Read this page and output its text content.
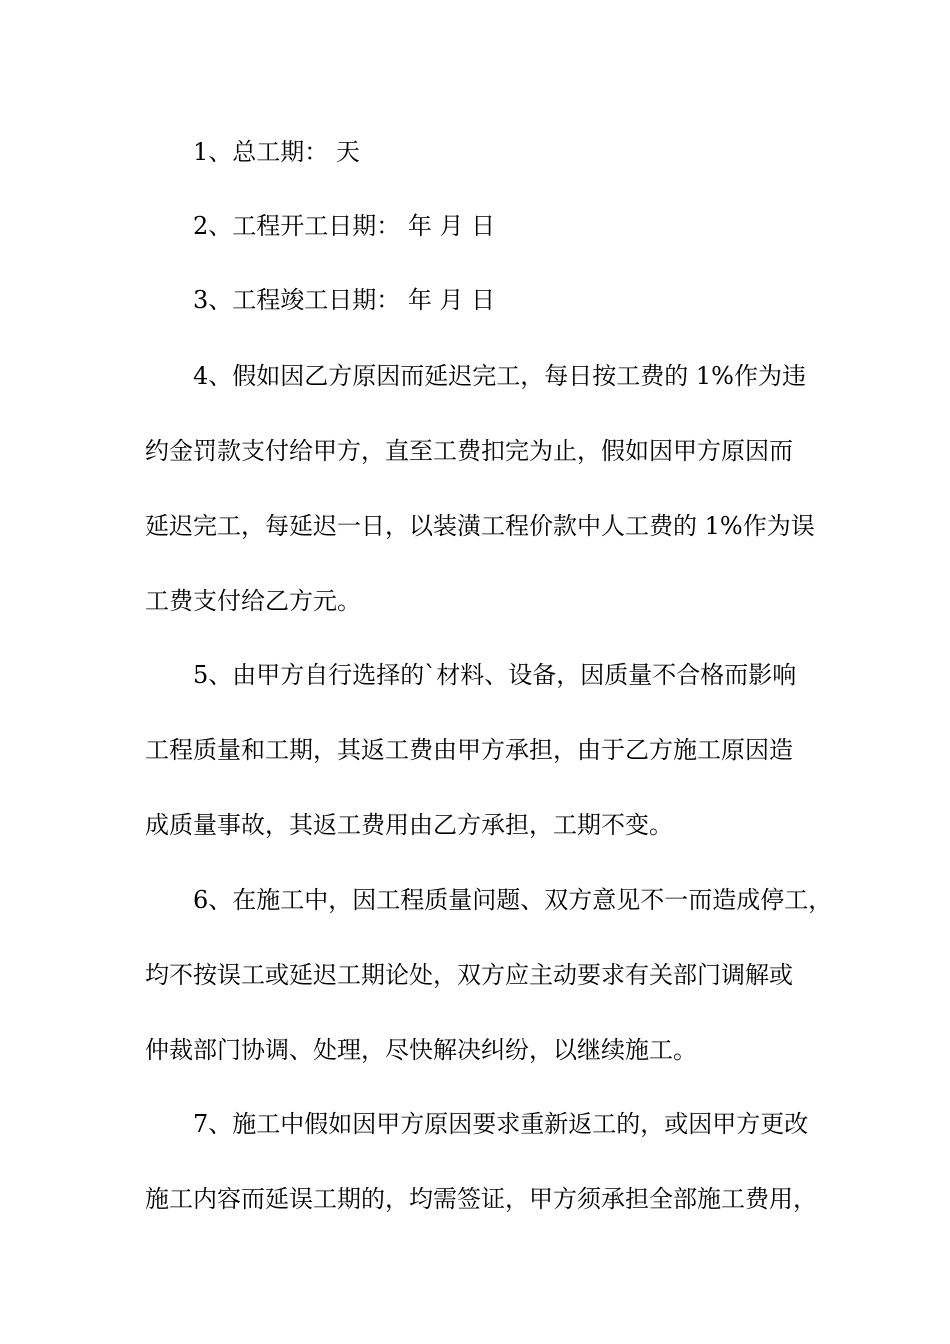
1、总工期： 天
2、工程开工日期： 年 月 日
3、工程竣工日期： 年 月 日
4、假如因乙方原因而延迟完工，每日按工费的 1%作为违
约金罚款支付给甲方，直至工费扣完为止，假如因甲方原因而
延迟完工，每延迟一日，以装潢工程价款中人工费的 1%作为误
工费支付给乙方元。
5、由甲方自行选择的`材料、设备，因质量不合格而影响
工程质量和工期，其返工费由甲方承担，由于乙方施工原因造
成质量事故，其返工费用由乙方承担，工期不变。
6、在施工中，因工程质量问题、双方意见不一而造成停工，
均不按误工或延迟工期论处，双方应主动要求有关部门调解或
仲裁部门协调、处理，尽快解决纠纷，以继续施工。
7、施工中假如因甲方原因要求重新返工的，或因甲方更改
施工内容而延误工期的，均需签证，甲方须承担全部施工费用，
